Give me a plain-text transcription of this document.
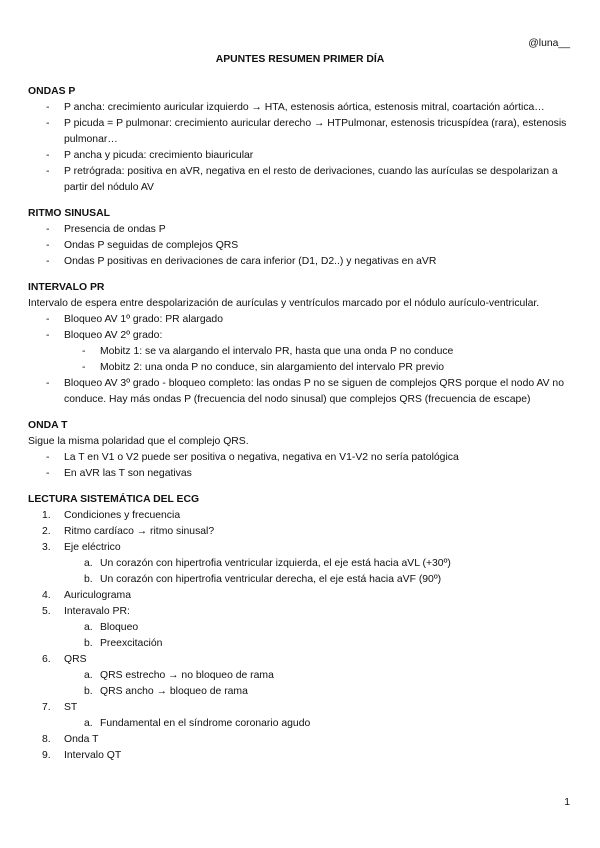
@luna__
APUNTES RESUMEN PRIMER DÍA
ONDAS P
- P ancha: crecimiento auricular izquierdo → HTA, estenosis aórtica, estenosis mitral, coartación aórtica…
- P picuda = P pulmonar: crecimiento auricular derecho → HTPulmonar, estenosis tricuspídea (rara), estenosis pulmonar…
- P ancha y picuda: crecimiento biauricular
- P retrógrada: positiva en aVR, negativa en el resto de derivaciones, cuando las aurículas se despolarizan a partir del nódulo AV
RITMO SINUSAL
- Presencia de ondas P
- Ondas P seguidas de complejos QRS
- Ondas P positivas en derivaciones de cara inferior (D1, D2..) y negativas en aVR
INTERVALO PR
Intervalo de espera entre despolarización de aurículas y ventrículos marcado por el nódulo aurículo-ventricular.
- Bloqueo AV 1º grado: PR alargado
- Bloqueo AV 2º grado:
- Mobitz 1: se va alargando el intervalo PR, hasta que una onda P no conduce
- Mobitz 2: una onda P no conduce, sin alargamiento del intervalo PR previo
- Bloqueo AV 3º grado - bloqueo completo: las ondas P no se siguen de complejos QRS porque el nodo AV no conduce. Hay más ondas P (frecuencia del nodo sinusal) que complejos QRS (frecuencia de escape)
ONDA T
Sigue la misma polaridad que el complejo QRS.
- La T en V1 o V2 puede ser positiva o negativa, negativa en V1-V2 no sería patológica
- En aVR las T son negativas
LECTURA SISTEMÁTICA DEL ECG
1. Condiciones y frecuencia
2. Ritmo cardíaco → ritmo sinusal?
3. Eje eléctrico
a. Un corazón con hipertrofia ventricular izquierda, el eje está hacia aVL (+30º)
b. Un corazón con hipertrofia ventricular derecha, el eje está hacia aVF (90º)
4. Auriculograma
5. Interavalo PR:
a. Bloqueo
b. Preexcitación
6. QRS
a. QRS estrecho → no bloqueo de rama
b. QRS ancho → bloqueo de rama
7. ST
a. Fundamental en el síndrome coronario agudo
8. Onda T
9. Intervalo QT
1
